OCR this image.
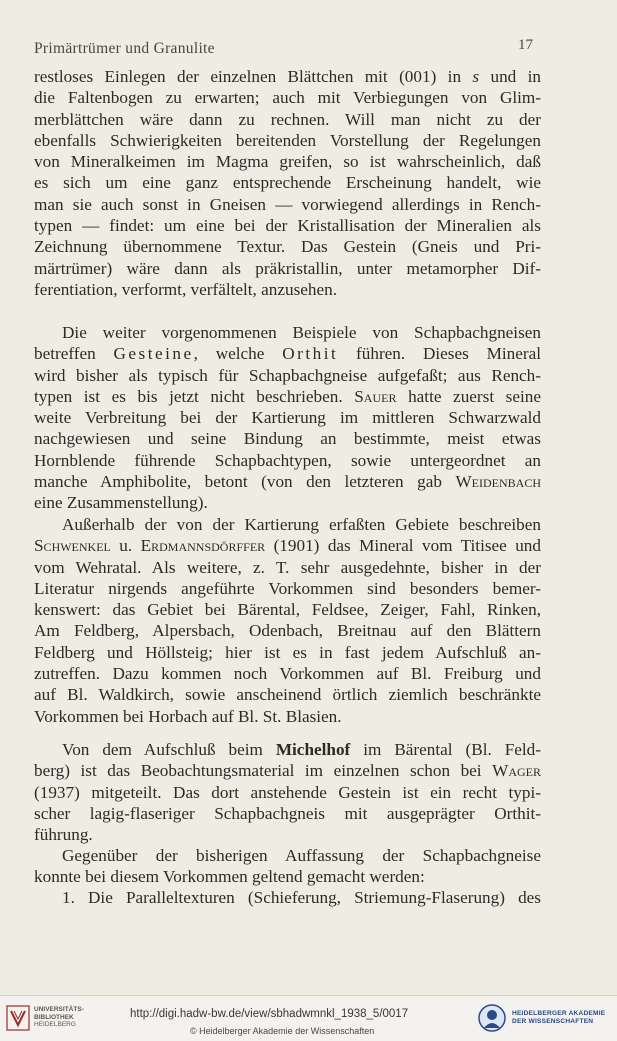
Primärtrümer und Granulite	17
restloses Einlegen der einzelnen Blättchen mit (001) in s und in
die Faltenbogen zu erwarten; auch mit Verbiegungen von Glim-
merblättchen wäre dann zu rechnen. Will man nicht zu der
ebenfalls Schwierigkeiten bereitenden Vorstellung der Regelungen
von Mineralkeimen im Magma greifen, so ist wahrscheinlich, daß
es sich um eine ganz entsprechende Erscheinung handelt, wie
man sie auch sonst in Gneisen — vorwiegend allerdings in Rench-
typen — findet: um eine bei der Kristallisation der Mineralien als
Zeichnung übernommene Textur. Das Gestein (Gneis und Pri-
märtrümer) wäre dann als präkristallin, unter metamorpher Dif-
ferentiation, verformt, verfältelt, anzusehen.
Die weiter vorgenommenen Beispiele von Schapbachgneisen
betreffen Gesteine, welche Orthit führen. Dieses Mineral
wird bisher als typisch für Schapbachgneise aufgefaßt; aus Rench-
typen ist es bis jetzt nicht beschrieben. Sauer hatte zuerst seine
weite Verbreitung bei der Kartierung im mittleren Schwarzwald
nachgewiesen und seine Bindung an bestimmte, meist etwas
Hornblende führende Schapbachtypen, sowie untergeordnet an
manche Amphibolite, betont (von den letzteren gab Weidenbach
eine Zusammenstellung).
Außerhalb der von der Kartierung erfaßten Gebiete beschreiben
Schwenkel u. Erdmannsdörffer (1901) das Mineral vom Titisee und
vom Wehratal. Als weitere, z. T. sehr ausgedehnte, bisher in der
Literatur nirgends angeführte Vorkommen sind besonders bemer-
kenswert: das Gebiet bei Bärental, Feldsee, Zeiger, Fahl, Rinken,
Am Feldberg, Alpersbach, Odenbach, Breitnau auf den Blättern
Feldberg und Höllsteig; hier ist es in fast jedem Aufschluß an-
zutreffen. Dazu kommen noch Vorkommen auf Bl. Freiburg und
auf Bl. Waldkirch, sowie anscheinend örtlich ziemlich beschränkte
Vorkommen bei Horbach auf Bl. St. Blasien.
Von dem Aufschluß beim Michelhof im Bärental (Bl. Feld-
berg) ist das Beobachtungsmaterial im einzelnen schon bei Wager
(1937) mitgeteilt. Das dort anstehende Gestein ist ein recht typi-
scher lagig-flaseriger Schapbachgneis mit ausgeprägter Orthit-
führung.
Gegenüber der bisherigen Auffassung der Schapbachgneise
konnte bei diesem Vorkommen geltend gemacht werden:
1. Die Paralleltexturen (Schieferung, Striemung-Flaserung) des
UNIVERSITÄTS-
BIBLIOTHEK
HEIDELBERG
http://digi.hadw-bw.de/view/sbhadwmnkl_1938_5/0017
© Heidelberger Akademie der Wissenschaften
HEIDELBERGER AKADEMIE
DER WISSENSCHAFTEN
